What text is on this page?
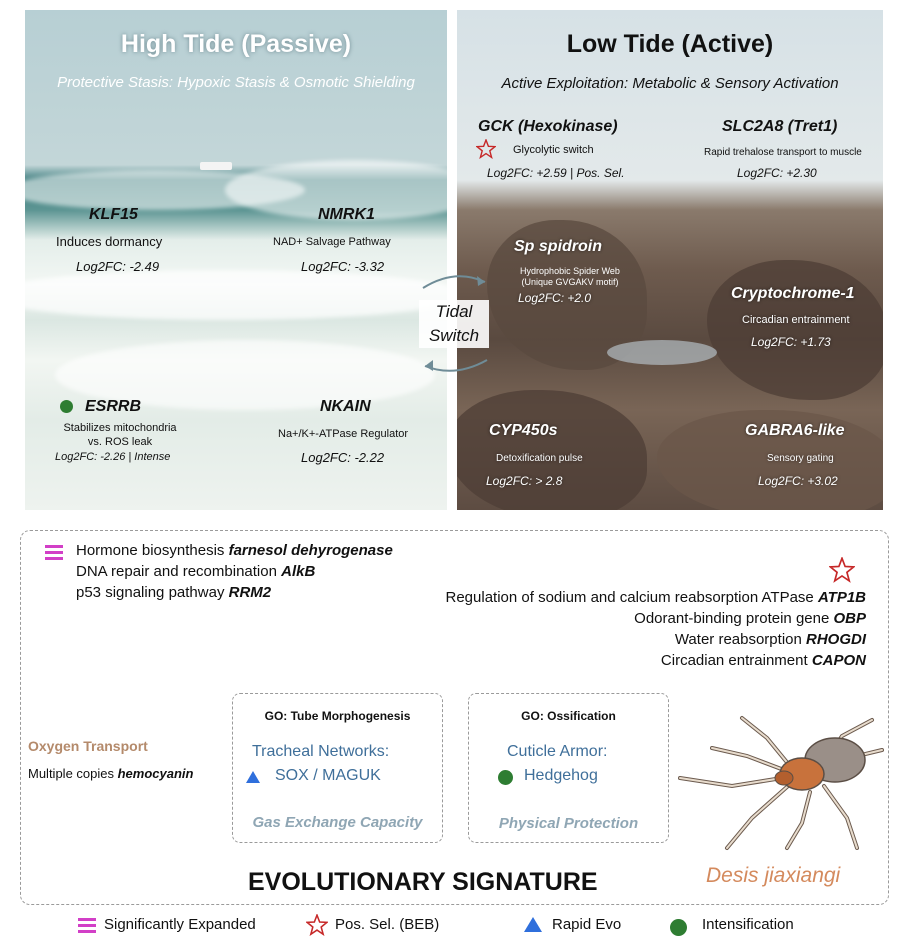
High Tide (Passive)
Protective Stasis: Hypoxic Stasis & Osmotic Shielding
Low Tide (Active)
Active Exploitation: Metabolic & Sensory Activation
KLF15
Induces dormancy
Log2FC: -2.49
NMRK1
NAD+ Salvage Pathway
Log2FC: -3.32
ESRRB
Stabilizes mitochondria
vs. ROS leak
Log2FC: -2.26 | Intense
NKAIN
Na+/K+-ATPase Regulator
Log2FC: -2.22
GCK (Hexokinase)
Glycolytic switch
Log2FC: +2.59 | Pos. Sel.
SLC2A8 (Tret1)
Rapid trehalose transport to muscle
Log2FC: +2.30
Sp spidroin
Hydrophobic Spider Web
(Unique GVGAKV motif)
Log2FC: +2.0	Cryptochrome-1
Circadian entrainment
Log2FC: +1.73
CYP450s
Detoxification pulse
Log2FC: > 2.8
GABRA6-like
Sensory gating
Log2FC: +3.02
Tidal
Switch
Hormone biosynthesis farnesol dehyrogenase
DNA repair and recombination AlkB
p53 signaling pathway RRM2	Regulation of sodium and calcium reabsorption ATPase ATP1B
Odorant-binding protein gene OBP
Water reabsorption RHOGDI
Circadian entrainment CAPON
Oxygen Transport
Multiple copies hemocyanin
GO: Tube Morphogenesis
Tracheal Networks:
SOX / MAGUK
Gas Exchange Capacity
GO: Ossification
Cuticle Armor:
Hedgehog
Physical Protection
Desis jiaxiangi
EVOLUTIONARY SIGNATURE
Significantly Expanded	Pos. Sel. (BEB)	Rapid Evo	Intensification
